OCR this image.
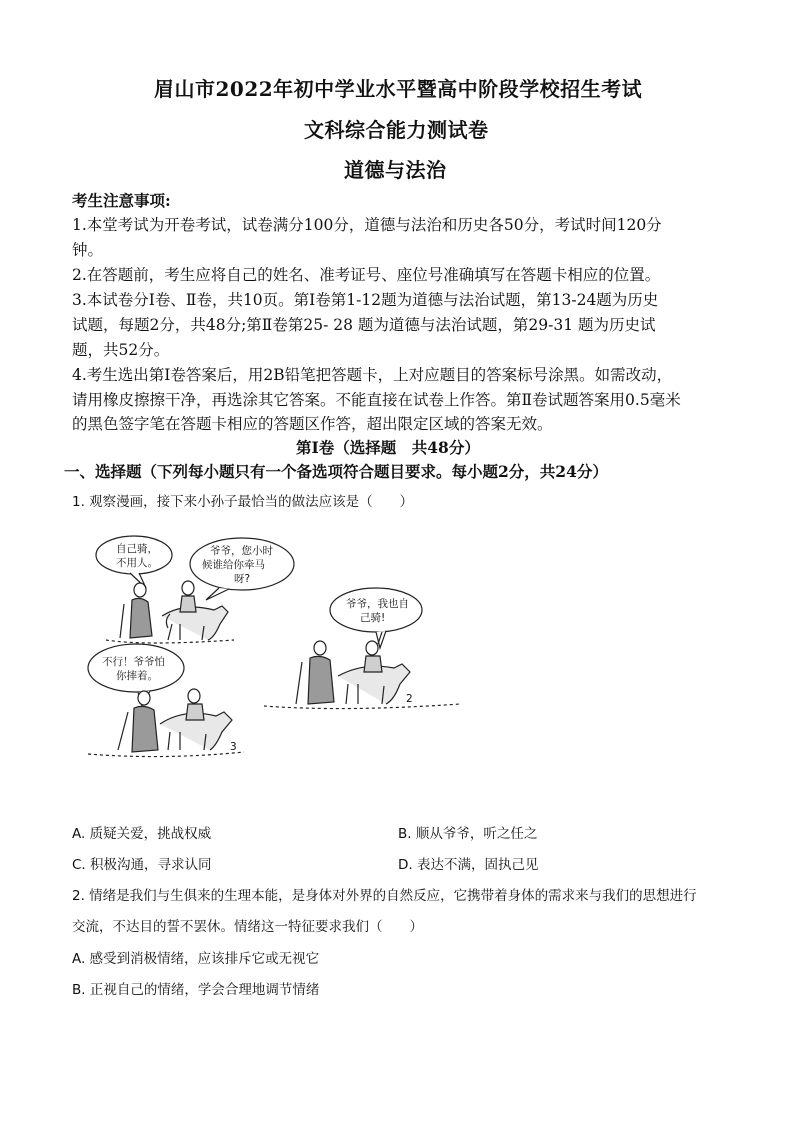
眉山市2022年初中学业水平暨高中阶段学校招生考试
文科综合能力测试卷
道德与法治
考生注意事项:
1.本堂考试为开卷考试，试卷满分100分，道德与法治和历史各50分，考试时间120分
钟。
2.在答题前，考生应将自己的姓名、准考证号、座位号准确填写在答题卡相应的位置。
3.本试卷分Ⅰ卷、Ⅱ卷，共10页。第Ⅰ卷第1-12题为道德与法治试题，第13-24题为历史
试题，每题2分，共48分;第Ⅱ卷第25- 28 题为道德与法治试题，第29-31 题为历史试
题，共52分。
4.考生选出第Ⅰ卷答案后，用2B铅笔把答题卡，上对应题目的答案标号涂黑。如需改动，
请用橡皮擦擦干净，再选涂其它答案。不能直接在试卷上作答。第Ⅱ卷试题答案用0.5毫米
的黑色签字笔在答题卡相应的答题区作答，超出限定区域的答案无效。
第Ⅰ卷（选择题　共48分）
一、选择题（下列每小题只有一个备选项符合题目要求。每小题2分，共24分）
1. 观察漫画，接下来小孙子最恰当的做法应该是（　　）
自己骑，
不用人。
爷爷，您小时
候谁给你牵马
呀?
爷爷，我也自
己骑!
2
不行！爷爷怕
你摔着。
3
A. 质疑关爱，挑战权威	B. 顺从爷爷，听之任之
C. 积极沟通，寻求认同	D. 表达不满，固执己见
2. 情绪是我们与生俱来的生理本能，是身体对外界的自然反应，它携带着身体的需求来与我们的思想进行
交流，不达目的誓不罢休。情绪这一特征要求我们（　　）
A. 感受到消极情绪，应该排斥它或无视它
B. 正视自己的情绪，学会合理地调节情绪
